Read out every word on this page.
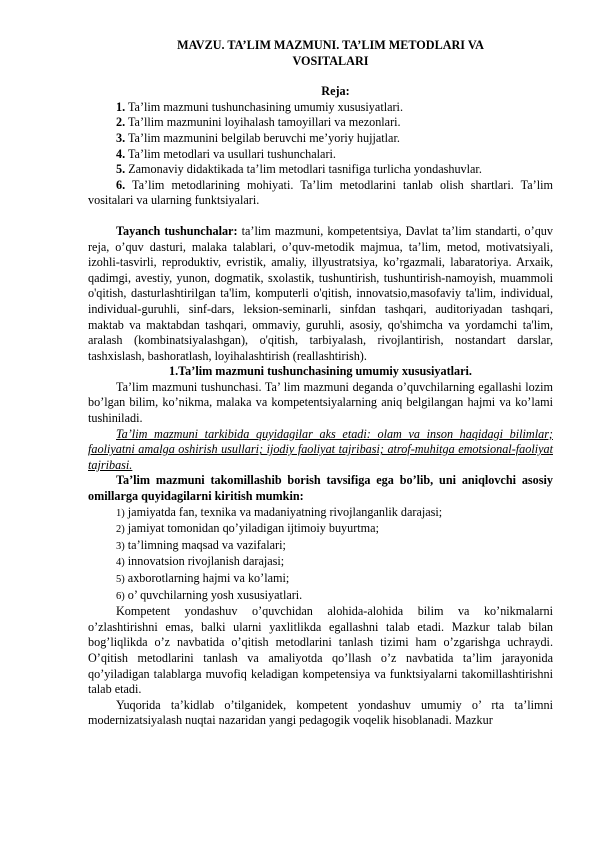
MAVZU. TA’LIM MAZMUNI. TA’LIM METODLARI VA
VOSITALARI

Reja:

1. Ta’lim mazmuni tushunchasining umumiy xususiyatlari.

2. Ta’llim mazmunini loyihalash tamoyillari va mezonlari.

3. Ta’lim mazmunini belgilab beruvchi me’yoriy hujjatlar.

4. Ta’lim metodlari va usullari tushunchalari.

5. Zamonaviy didaktikada ta’lim metodlari tasnifiga turlicha yondashuvlar.

6. Ta’lim metodlarining mohiyati. Ta’lim metodlarini tanlab olish shartlari. Ta’lim vositalari va ularning funktsiyalari.

Tayanch tushunchalar: ta’lim mazmuni, kompetentsiya, Davlat ta’lim standarti, o’quv reja, o’quv dasturi, malaka talablari, o’quv-metodik majmua, ta’lim, metod, motivatsiyali, izohli-tasvirli, reproduktiv, evristik, amaliy, illyustratsiya, ko’rgazmali, labaratoriya. Arxaik, qadimgi, avestiy, yunon, dogmatik, sxolastik, tushuntirish, tushuntirish-namoyish, muammoli o'qitish, dasturlashtirilgan ta'lim, komputerli o'qitish, innovatsio,masofaviy ta'lim, individual, individual-guruhli, sinf-dars, leksion-seminarli, sinfdan tashqari, auditoriyadan tashqari, maktab va maktabdan tashqari, ommaviy, guruhli, asosiy, qo'shimcha va yordamchi ta'lim, aralash (kombinatsiyalashgan), o'qitish, tarbiyalash, rivojlantirish, nostandart darslar, tashxislash, bashoratlash, loyihalashtirish (reallashtirish).

1.Ta’lim mazmuni tushunchasining umumiy xususiyatlari.

Ta’lim mazmuni tushunchasi. Ta’ lim mazmuni deganda o’quvchilarning egallashi lozim bo’lgan bilim, ko’nikma, malaka va kompetentsiyalarning aniq belgilangan hajmi va ko’lami tushiniladi.

Ta’lim mazmuni tarkibida quyidagilar aks etadi: olam va inson haqidagi bilimlar; faoliyatni amalga oshirish usullari; ijodiy faoliyat tajribasi; atrof-muhitga emotsional-faoliyat tajribasi.

Ta’lim mazmuni takomillashib borish tavsifiga ega bo’lib, uni aniqlovchi asosiy omillarga quyidagilarni kiritish mumkin:

1) jamiyatda fan, texnika va madaniyatning rivojlanganlik darajasi;

2) jamiyat tomonidan qo’yiladigan ijtimoiy buyurtma;

3) ta’limning maqsad va vazifalari;

4) innovatsion rivojlanish darajasi;

5) axborotlarning hajmi va ko’lami;

6) o’ quvchilarning yosh xususiyatlari.

Kompetent yondashuv o’quvchidan alohida-alohida bilim va ko’nikmalarni o’zlashtirishni emas, balki ularni yaxlitlikda egallashni talab etadi. Mazkur talab bilan bog’liqlikda o’z navbatida o’qitish metodlarini tanlash tizimi ham o’zgarishga uchraydi. O’qitish metodlarini tanlash va amaliyotda qo’llash o’z navbatida ta’lim jarayonida qo’yiladigan talablarga muvofiq keladigan kompetensiya va funktsiyalarni takomillashtirishni talab etadi.

Yuqorida ta’kidlab o’tilganidek, kompetent yondashuv umumiy o’ rta ta’limni modernizatsiyalash nuqtai nazaridan yangi pedagogik voqelik hisoblanadi. Mazkur
